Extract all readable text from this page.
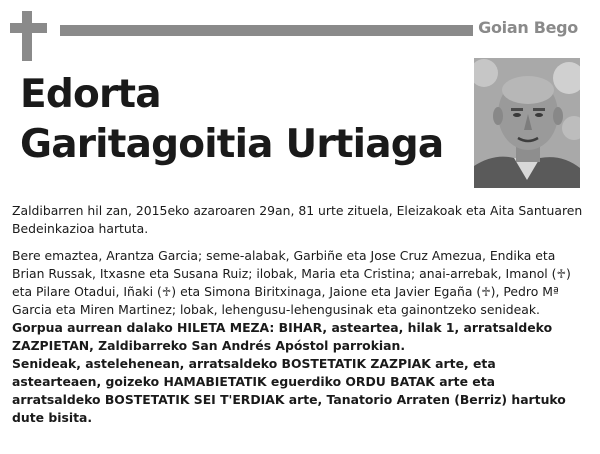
Goian Bego
Edorta
Garitagoitia Urtiaga

Zaldibarren hil zan, 2015eko azaroaren 29an, 81 urte zituela, Eleizakoak eta Aita Santuaren Bedeinkazioa hartuta.

Bere emaztea, Arantza Garcia; seme-alabak, Garbiñe eta Jose Cruz Amezua, Endika eta Brian Russak, Itxasne eta Susana Ruiz; ilobak, Maria eta Cristina; anai-arrebak, Imanol (♱) eta Pilare Otadui, Iñaki (♱) eta Simona Biritxinaga, Jaione eta Javier Egaña (♱), Pedro Mª Garcia eta Miren Martinez; lobak, lehengusu-lehengusinak eta gainontzeko senideak.

Gorpua aurrean dalako HILETA MEZA: BIHAR, asteartea, hilak 1, arratsaldeko ZAZPIETAN, Zaldibarreko San Andrés Apóstol parrokian.

Senideak, astelehenean, arratsaldeko BOSTETATIK ZAZPIAK arte, eta astearteaen, goizeko HAMABIETATIK eguerdiko ORDU BATAK arte eta arratsaldeko BOSTETATIK SEI T'ERDIAK arte, Tanatorio Arraten (Berriz) hartuko dute bisita.
